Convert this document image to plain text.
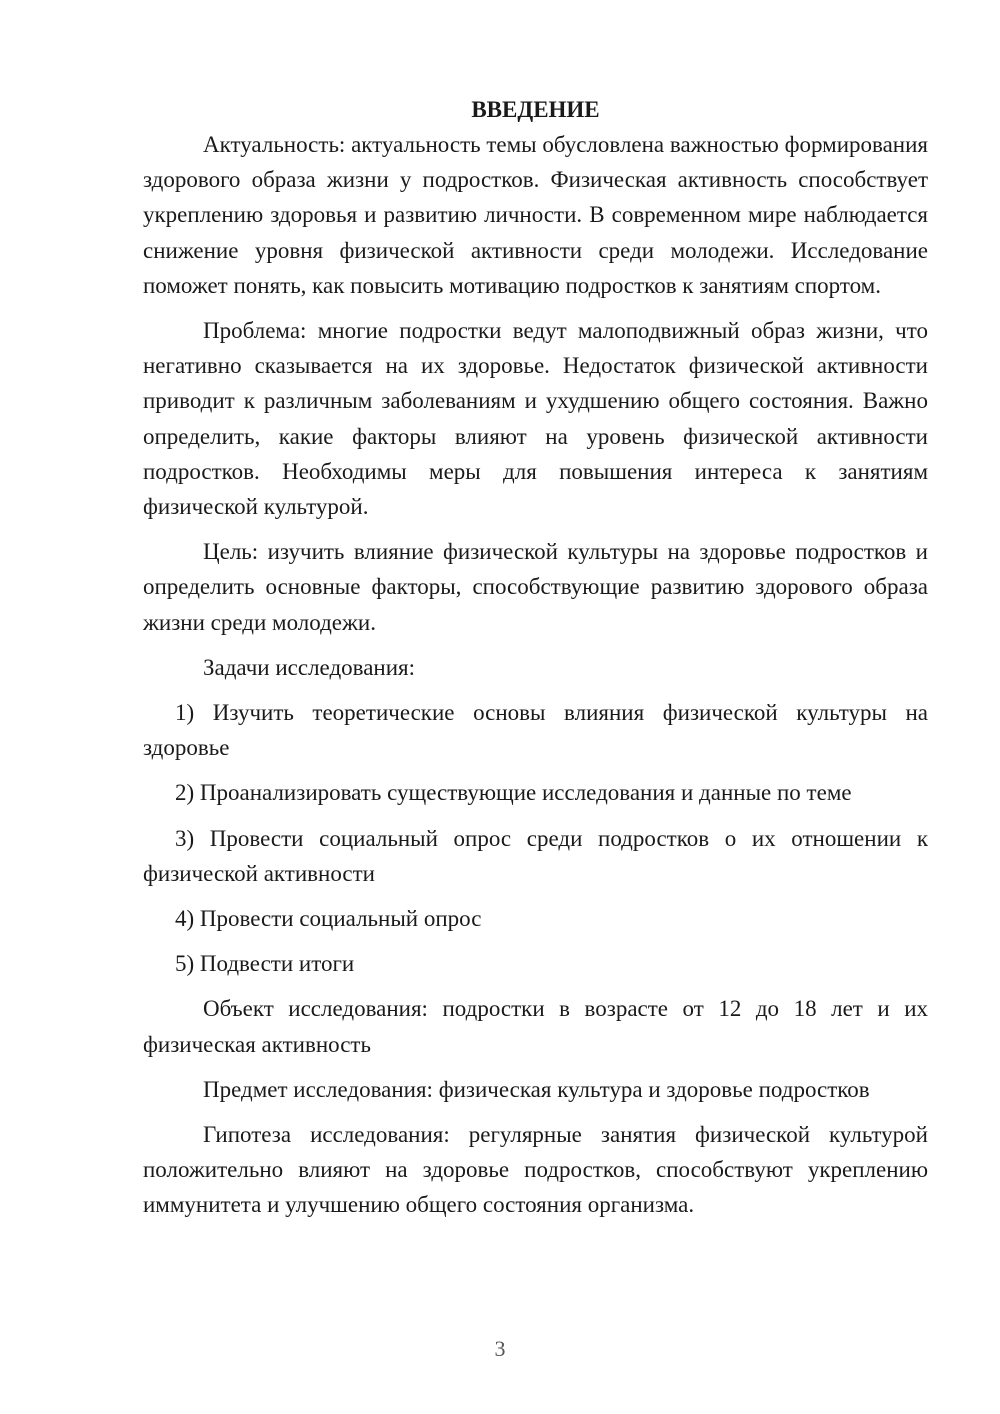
ВВЕДЕНИЕ

Актуальность: актуальность темы обусловлена важностью формирования здорового образа жизни у подростков. Физическая активность способствует укреплению здоровья и развитию личности. В современном мире наблюдается снижение уровня физической активности среди молодежи. Исследование поможет понять, как повысить мотивацию подростков к занятиям спортом.

Проблема: многие подростки ведут малоподвижный образ жизни, что негативно сказывается на их здоровье. Недостаток физической активности приводит к различным заболеваниям и ухудшению общего состояния. Важно определить, какие факторы влияют на уровень физической активности подростков. Необходимы меры для повышения интереса к занятиям физической культурой.

Цель: изучить влияние физической культуры на здоровье подростков и определить основные факторы, способствующие развитию здорового образа жизни среди молодежи.

Задачи исследования:

1) Изучить теоретические основы влияния физической культуры на здоровье

2) Проанализировать существующие исследования и данные по теме

3) Провести социальный опрос среди подростков о их отношении к физической активности

4) Провести социальный опрос

5) Подвести итоги

Объект исследования: подростки в возрасте от 12 до 18 лет и их физическая активность

Предмет исследования: физическая культура и здоровье подростков

Гипотеза исследования: регулярные занятия физической культурой положительно влияют на здоровье подростков, способствуют укреплению иммунитета и улучшению общего состояния организма.

3
